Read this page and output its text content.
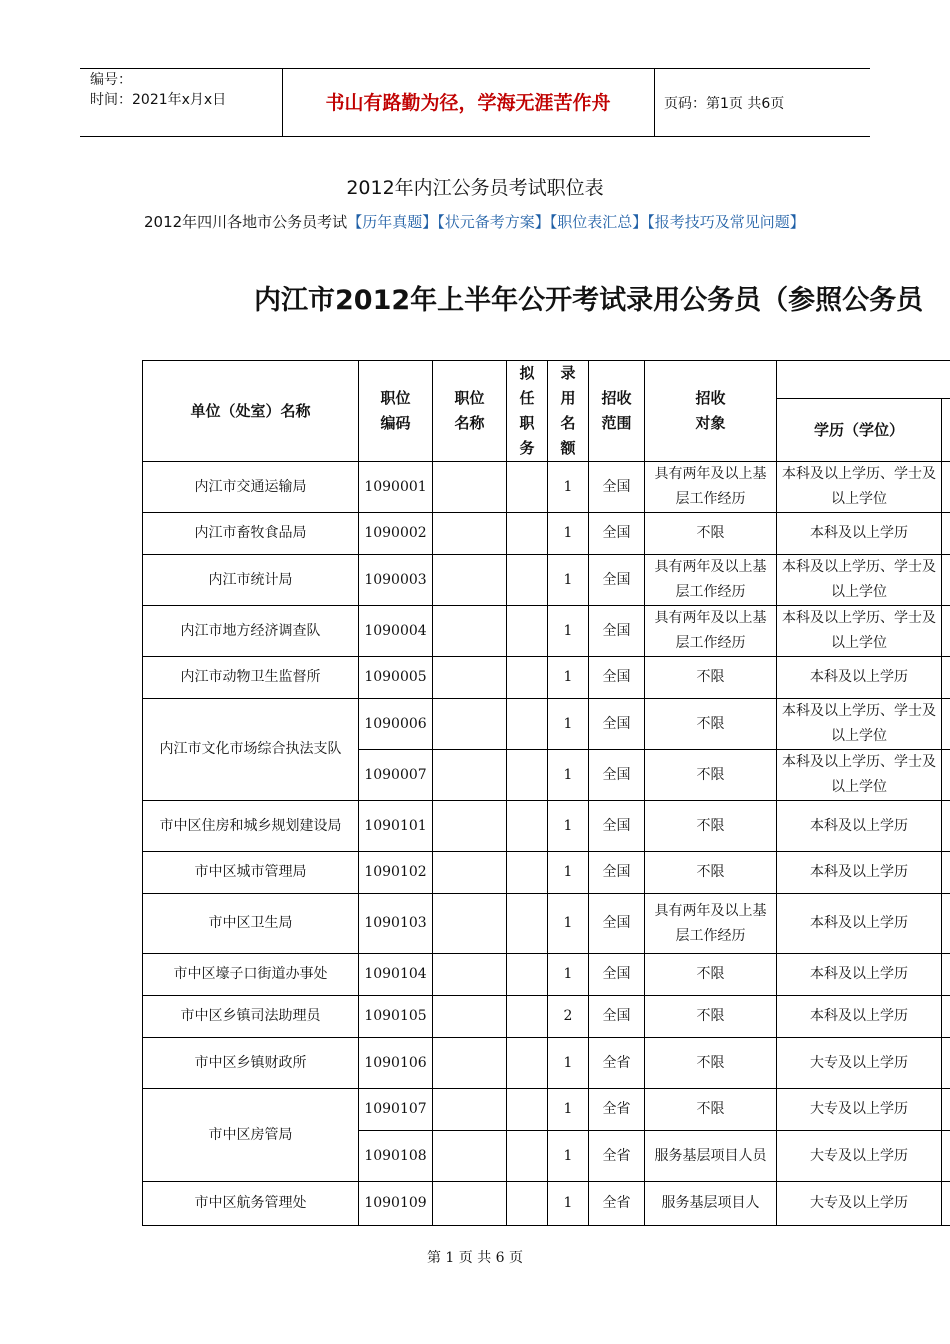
编号：
时间：2021年x月x日	书山有路勤为径，学海无涯苦作舟	页码：第1页 共6页
2012年内江公务员考试职位表
2012年四川各地市公务员考试【历年真题】【状元备考方案】【职位表汇总】【报考技巧及常见问题】
内江市2012年上半年公开考试录用公务员（参照公务员
单位（处室）名称	职位编码	职位名称	拟任职务	录用名额	招收范围	招收对象		

							学历（学位）	
内江市交通运输局	1090001			1	全国	具有两年及以上基层工作经历	本科及以上学历、学士及以上学位	
内江市畜牧食品局	1090002			1	全国	不限	本科及以上学历	
内江市统计局	1090003			1	全国	具有两年及以上基层工作经历	本科及以上学历、学士及以上学位	
内江市地方经济调查队	1090004			1	全国	具有两年及以上基层工作经历	本科及以上学历、学士及以上学位	
内江市动物卫生监督所	1090005			1	全国	不限	本科及以上学历	
内江市文化市场综合执法支队	1090006			1	全国	不限	本科及以上学历、学士及以上学位	
	1090007			1	全国	不限	本科及以上学历、学士及以上学位	
市中区住房和城乡规划建设局	1090101			1	全国	不限	本科及以上学历	
市中区城市管理局	1090102			1	全国	不限	本科及以上学历	
市中区卫生局	1090103			1	全国	具有两年及以上基层工作经历	本科及以上学历	
市中区壕子口街道办事处	1090104			1	全国	不限	本科及以上学历	
市中区乡镇司法助理员	1090105			2	全国	不限	本科及以上学历	
市中区乡镇财政所	1090106			1	全省	不限	大专及以上学历	
市中区房管局	1090107			1	全省	不限	大专及以上学历	
	1090108			1	全省	服务基层项目人员	大专及以上学历	
市中区航务管理处	1090109			1	全省	服务基层项目人	大专及以上学历	
第 1 页 共 6 页
